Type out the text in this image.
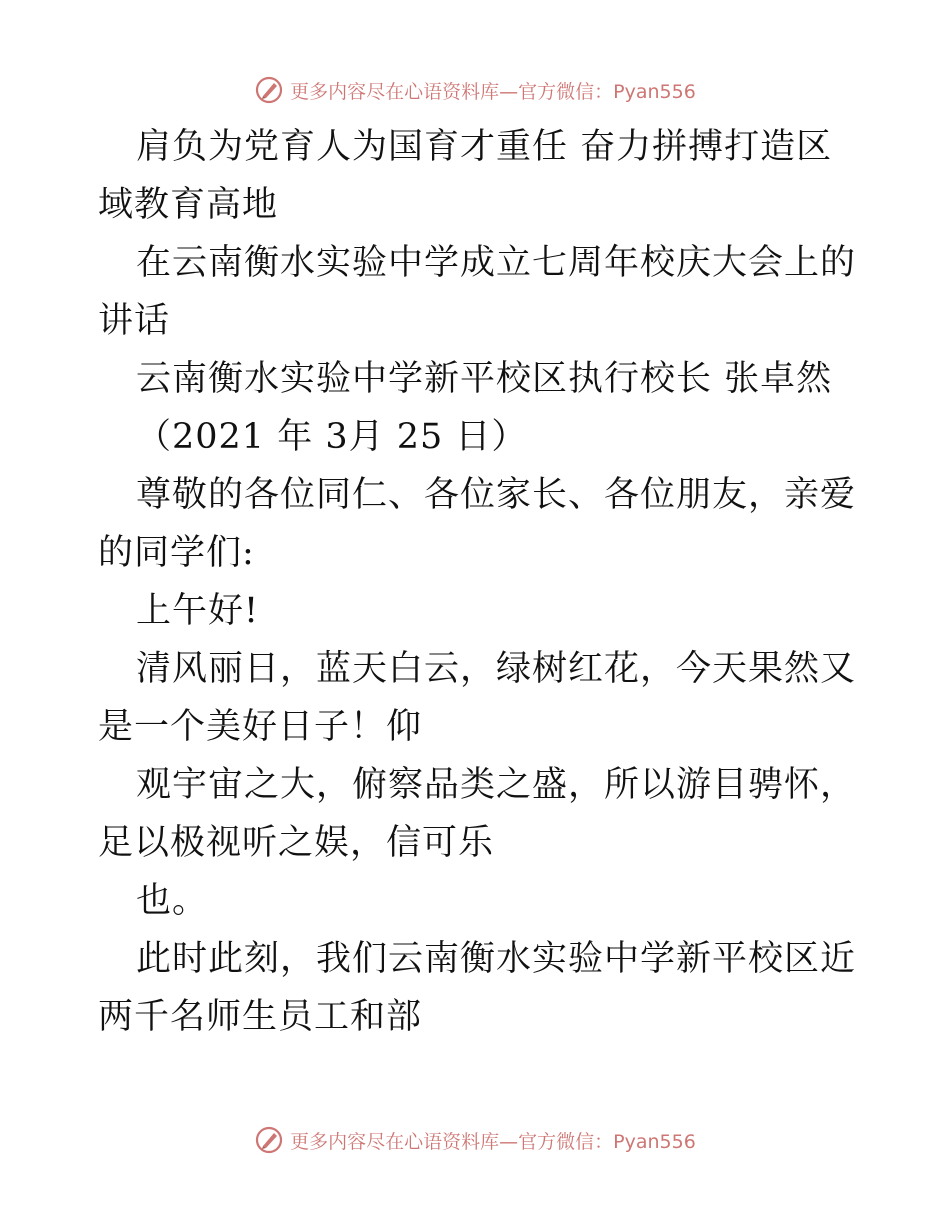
更多内容尽在心语资料库—官方微信：Pyan556

肩负为党育人为国育才重任 奋力拼搏打造区域教育高地

在云南衡水实验中学成立七周年校庆大会上的讲话

云南衡水实验中学新平校区执行校长 张卓然

（2021 年 3月 25 日）

尊敬的各位同仁、各位家长、各位朋友，亲爱的同学们:

上午好!

清风丽日，蓝天白云，绿树红花，今天果然又是一个美好日子！仰

观宇宙之大，俯察品类之盛，所以游目骋怀，足以极视听之娱，信可乐

也。

此时此刻，我们云南衡水实验中学新平校区近两千名师生员工和部

更多内容尽在心语资料库—官方微信：Pyan556
